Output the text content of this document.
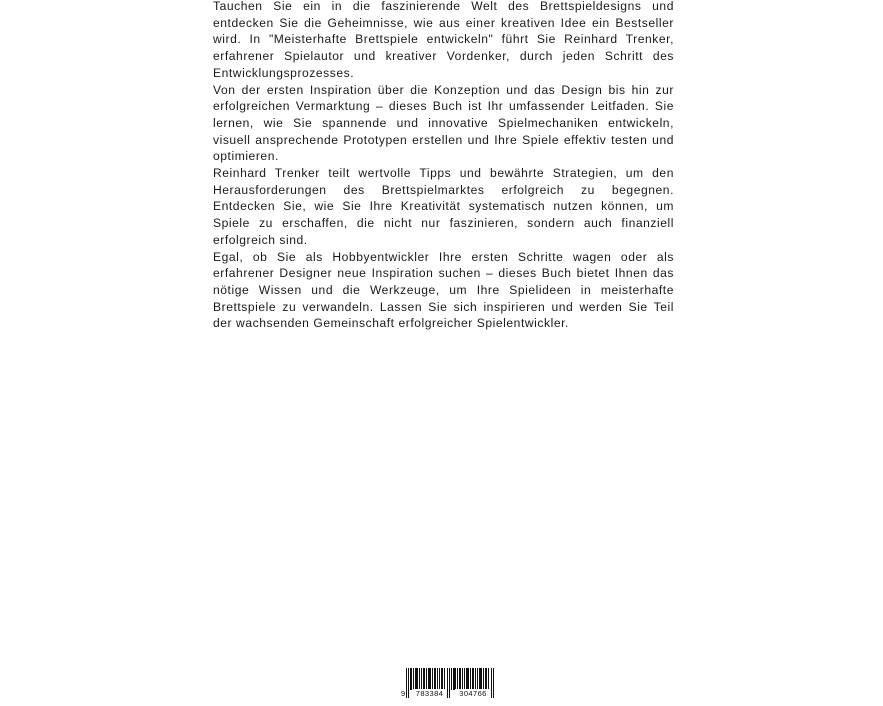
Tauchen Sie ein in die faszinierende Welt des Brettspieldesigns und entdecken Sie die Geheimnisse, wie aus einer kreativen Idee ein Bestseller wird. In "Meisterhafte Brettspiele entwickeln" führt Sie Reinhard Trenker, erfahrener Spielautor und kreativer Vordenker, durch jeden Schritt des Entwicklungsprozesses.

Von der ersten Inspiration über die Konzeption und das Design bis hin zur erfolgreichen Vermarktung – dieses Buch ist Ihr umfassender Leitfaden. Sie lernen, wie Sie spannende und innovative Spielmechaniken entwickeln, visuell ansprechende Prototypen erstellen und Ihre Spiele effektiv testen und optimieren.

Reinhard Trenker teilt wertvolle Tipps und bewährte Strategien, um den Herausforderungen des Brettspielmarktes erfolgreich zu begegnen. Entdecken Sie, wie Sie Ihre Kreativität systematisch nutzen können, um Spiele zu erschaffen, die nicht nur faszinieren, sondern auch finanziell erfolgreich sind.

Egal, ob Sie als Hobbyentwickler Ihre ersten Schritte wagen oder als erfahrener Designer neue Inspiration suchen – dieses Buch bietet Ihnen das nötige Wissen und die Werkzeuge, um Ihre Spielideen in meisterhafte Brettspiele zu verwandeln. Lassen Sie sich inspirieren und werden Sie Teil der wachsenden Gemeinschaft erfolgreicher Spielentwickler.

9	783384	304766
